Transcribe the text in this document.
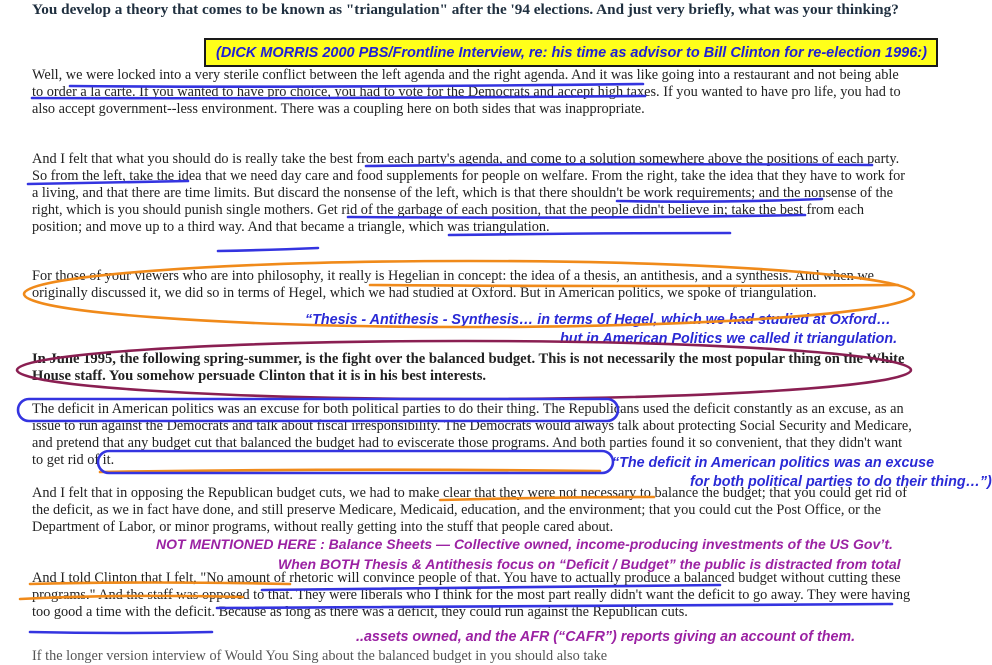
You develop a theory that comes to be known as "triangulation" after the '94 elections. And just very briefly, what was your thinking?

(DICK MORRIS 2000 PBS/Frontline Interview, re: his time as advisor to Bill Clinton for re-election 1996:)

Well, we were locked into a very sterile conflict between the left agenda and the right agenda. And it was like going into a restaurant and not being able to order a la carte. If you wanted to have pro choice, you had to vote for the Democrats and accept high taxes. If you wanted to have pro life, you had to also accept government--less environment. There was a coupling here on both sides that was inappropriate.

And I felt that what you should do is really take the best from each party's agenda, and come to a solution somewhere above the positions of each party. So from the left, take the idea that we need day care and food supplements for people on welfare. From the right, take the idea that they have to work for a living, and that there are time limits. But discard the nonsense of the left, which is that there shouldn't be work requirements; and the nonsense of the right, which is you should punish single mothers. Get rid of the garbage of each position, that the people didn't believe in; take the best from each position; and move up to a third way. And that became a triangle, which was triangulation.

For those of your viewers who are into philosophy, it really is Hegelian in concept: the idea of a thesis, an antithesis, and a synthesis. And when we originally discussed it, we did so in terms of Hegel, which we had studied at Oxford. But in American politics, we spoke of triangulation.

“Thesis - Antithesis - Synthesis… in terms of Hegel, which we had studied at Oxford…
but in American Politics we called it triangulation.

In June 1995, the following spring-summer, is the fight over the balanced budget. This is not necessarily the most popular thing on the White House staff. You somehow persuade Clinton that it is in his best interests.

The deficit in American politics was an excuse for both political parties to do their thing. The Republicans used the deficit constantly as an excuse, as an issue to run against the Democrats and talk about fiscal irresponsibility. The Democrats would always talk about protecting Social Security and Medicare, and pretend that any budget cut that balanced the budget had to eviscerate those programs. And both parties found it so convenient, that they didn't want to get rid of it.	“The deficit in American politics was an excuse
for both political parties to do their thing…”)

And I felt that in opposing the Republican budget cuts, we had to make clear that they were not necessary to balance the budget; that you could get rid of the deficit, as we in fact have done, and still preserve Medicare, Medicaid, education, and the environment; that you could cut the Post Office, or the Department of Labor, or minor programs, without really getting into the stuff that people cared about.

NOT MENTIONED HERE : Balance Sheets — Collective owned, income-producing investments of the US Gov’t.
When BOTH Thesis & Antithesis focus on “Deficit / Budget” the public is distracted from total

And I told Clinton that I felt, "No amount of rhetoric will convince people of that. You have to actually produce a balanced budget without cutting these programs." And the staff was opposed to that. They were liberals who I think for the most part really didn't want the deficit to go away. They were having too good a time with the deficit. Because as long as there was a deficit, they could run against the Republican cuts.

..assets owned, and the AFR (“CAFR”) reports giving an account of them.

If the longer version interview of Would You Sing about the balanced budget in you should also take
